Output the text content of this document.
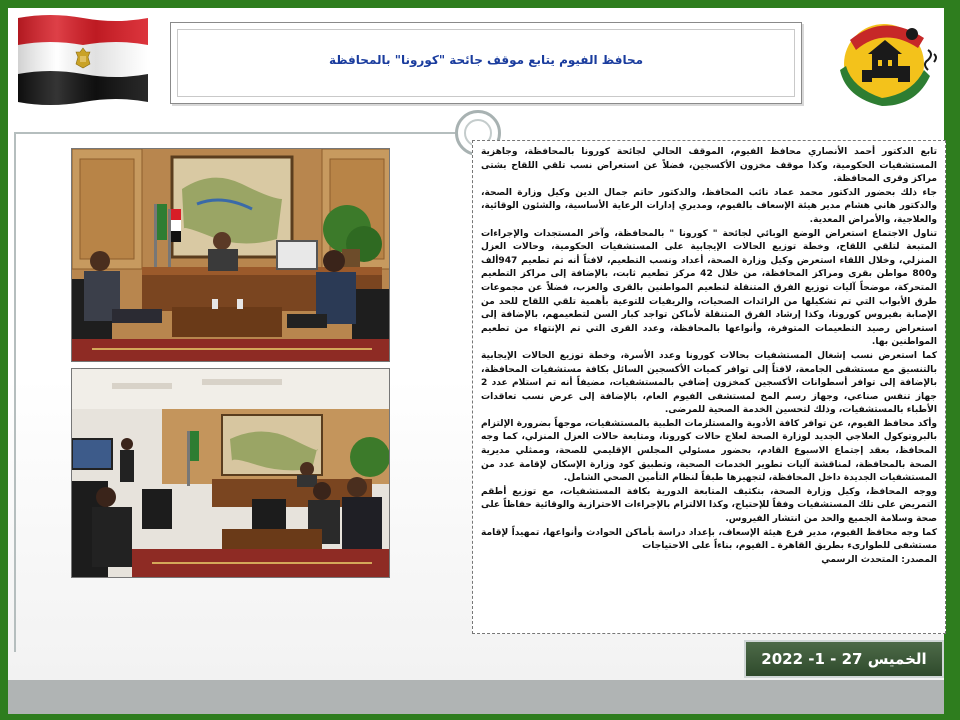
محافظ الفيوم يتابع موقف جائحة "كورونا" بالمحافظة

تابع الدكتور أحمد الأنصاري محافظ الفيوم، الموقف الحالي لجائحة كورونا بالمحافظة، وجاهزية المستشفيات الحكومية، وكذا موقف مخزون الأكسجين، فضلاً عن استعراض نسب تلقي اللقاح بشتى مراكز وقرى المحافظة.

جاء ذلك بحضور الدكتور محمد عماد نائب المحافظ، والدكتور حاتم جمال الدين وكيل وزارة الصحة، والدكتور هاني هشام مدير هيئة الإسعاف بالفيوم، ومديري إدارات الرعاية الأساسية، والشئون الوقائية، والعلاجية، والأمراض المعدية.

تناول الاجتماع استعراض الوضع الوبائي لجائحة " كورونا " بالمحافظة، وآخر المستجدات والإجراءات المتبعة لتلقي اللقاح، وخطة توزيع الحالات الإيجابية على المستشفيات الحكومية، وحالات العزل المنزلي، وخلال اللقاء استعرض وكيل وزارة الصحة، أعداد ونسب التطعيم، لافتاً أنه تم تطعيم 947ألف و800 مواطن بقرى ومراكز المحافظة، من خلال 42 مركز تطعيم ثابت، بالإضافة إلى مراكز التطعيم المتحركة، موضحاً آليات توزيع الفرق المتنقلة لتطعيم المواطنين بالقرى والعزب، فضلاً عن مجموعات طرق الأبواب التي تم تشكيلها من الرائدات الصحيات، والريفيات للتوعية بأهمية تلقي اللقاح للحد من الإصابة بفيروس كورونا، وكذا إرشاد الفرق المتنقلة لأماكن تواجد كبار السن لتطعيمهم، بالإضافة إلى استعراض رصيد التطعيمات المتوفرة، وأنواعها بالمحافظة، وعدد القرى التي تم الإنتهاء من تطعيم المواطنين بها.

كما استعرض نسب إشغال المستشفيات بحالات كورونا وعدد الأسرة، وخطة توزيع الحالات الإيجابية بالتنسيق مع مستشفى الجامعة، لافتاً إلى توافر كميات الأكسجين السائل بكافة مستشفيات المحافظة، بالإضافة إلى توافر أسطوانات الأكسجين كمخزون إضافي بالمستشفيات، مضيفاً أنه تم استلام عدد 2 جهاز تنفس صناعي، وجهاز رسم المخ لمستشفى الفيوم العام، بالإضافة إلى عرض نسب تعاقدات الأطباء بالمستشفيات، وذلك لتحسين الخدمة الصحية للمرضى.

وأكد محافظ الفيوم، عن توافر كافة الأدوية والمستلزمات الطبية بالمستشفيات، موجهاً بضرورة الإلتزام بالبروتوكول العلاجي الجديد لوزارة الصحة لعلاج حالات كورونا، ومتابعة حالات العزل المنزلي، كما وجه المحافظ، بعقد إجتماع الاسبوع القادم، بحضور مسئولي المجلس الإقليمي للصحة، وممثلي مديرية الصحة بالمحافظة، لمناقشة آليات تطوير الخدمات الصحية، وتطبيق كود وزارة الإسكان لإقامة عدد من المستشفيات الجديدة داخل المحافظة، لتجهيزها طبقاً لنظام التأمين الصحي الشامل.

ووجه المحافظ، وكيل وزارة الصحة، بتكثيف المتابعة الدورية بكافة المستشفيات، مع توزيع أطقم التمريض على تلك المستشفيات وفقاً للإحتياج، وكذا الالتزام بالإجراءات الاحترازية والوقائية حفاظاً على صحة وسلامة الجميع والحد من انتشار الفيروس.

كما وجه محافظ الفيوم، مدير فرع هيئة الإسعاف، بإعداد دراسة بأماكن الحوادث وأنواعها، تمهيداً لإقامة مستشفى للطوارىء بطريق القاهرة ـ الفيوم، بناءاً على الاحتياجات

المصدر: المتحدث الرسمي

الخميس 27 - 1- 2022
